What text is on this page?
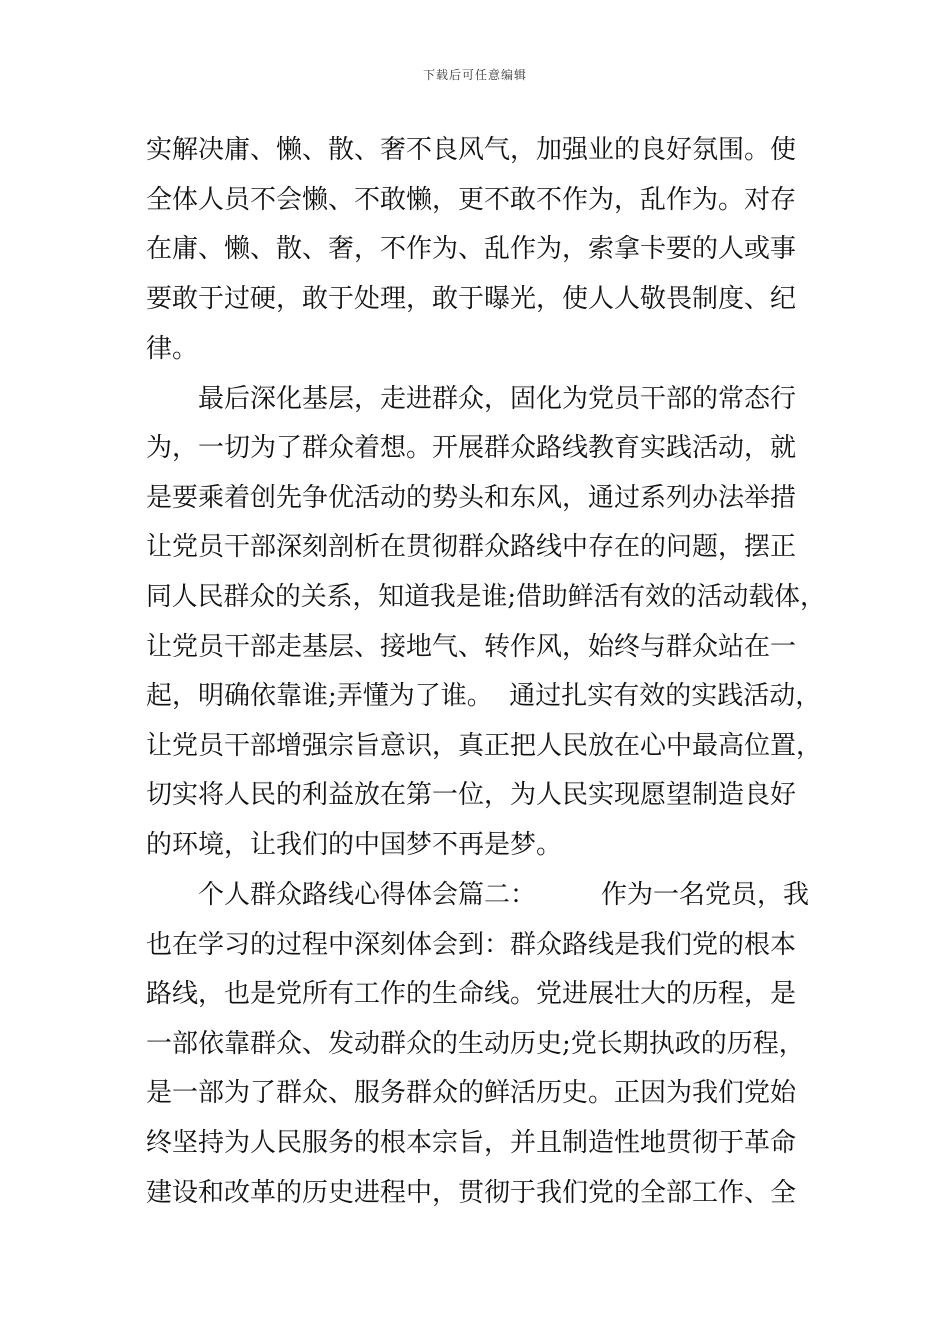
下载后可任意编辑
实解决庸、懒、散、奢不良风气，加强业的良好氛围。使
全体人员不会懒、不敢懒，更不敢不作为，乱作为。对存
在庸、懒、散、奢，不作为、乱作为，索拿卡要的人或事
要敢于过硬，敢于处理，敢于曝光，使人人敬畏制度、纪
律。
　　最后深化基层，走进群众，固化为党员干部的常态行
为，一切为了群众着想。开展群众路线教育实践活动，就
是要乘着创先争优活动的势头和东风，通过系列办法举措
让党员干部深刻剖析在贯彻群众路线中存在的问题，摆正
同人民群众的关系，知道我是谁;借助鲜活有效的活动载体，
让党员干部走基层、接地气、转作风，始终与群众站在一
起，明确依靠谁;弄懂为了谁。  通过扎实有效的实践活动，
让党员干部增强宗旨意识，真正把人民放在心中最高位置，
切实将人民的利益放在第一位，为人民实现愿望制造良好
的环境，让我们的中国梦不再是梦。
　　个人群众路线心得体会篇二：　　　作为一名党员，我
也在学习的过程中深刻体会到：群众路线是我们党的根本
路线，也是党所有工作的生命线。党进展壮大的历程，是
一部依靠群众、发动群众的生动历史;党长期执政的历程，
是一部为了群众、服务群众的鲜活历史。正因为我们党始
终坚持为人民服务的根本宗旨，并且制造性地贯彻于革命
建设和改革的历史进程中，贯彻于我们党的全部工作、全
